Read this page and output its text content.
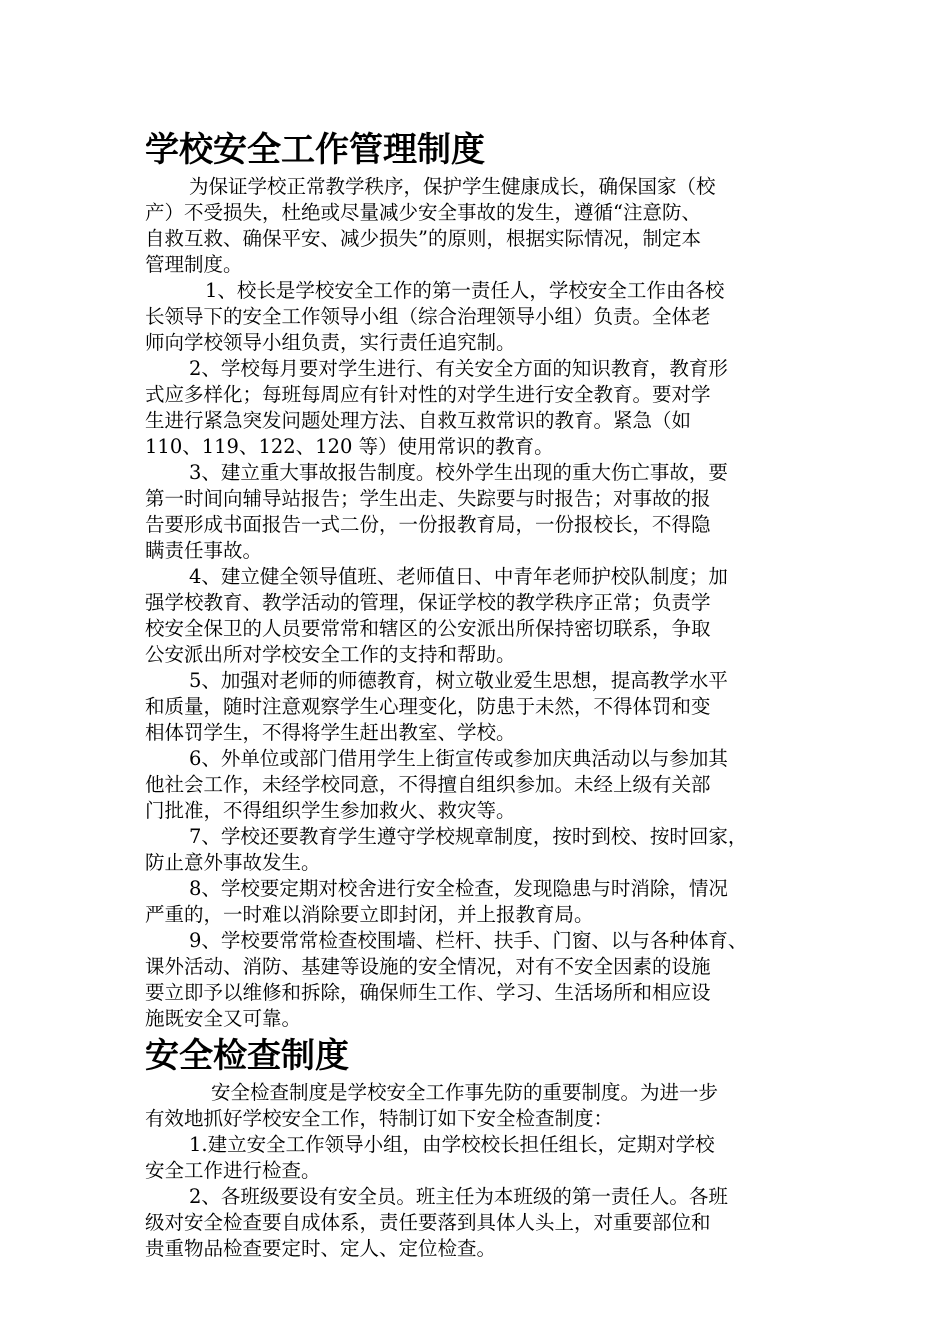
学校安全工作管理制度
为保证学校正常教学秩序，保护学生健康成长，确保国家（校
产）不受损失，杜绝或尽量减少安全事故的发生，遵循“注意防、
自救互救、确保平安、减少损失”的原则，根据实际情况，制定本
管理制度。
1、校长是学校安全工作的第一责任人，学校安全工作由各校
长领导下的安全工作领导小组（综合治理领导小组）负责。全体老
师向学校领导小组负责，实行责任追究制。
2、学校每月要对学生进行、有关安全方面的知识教育，教育形
式应多样化；每班每周应有针对性的对学生进行安全教育。要对学
生进行紧急突发问题处理方法、自救互救常识的教育。紧急（如
110、119、122、120 等）使用常识的教育。
3、建立重大事故报告制度。校外学生出现的重大伤亡事故，要
第一时间向辅导站报告；学生出走、失踪要与时报告；对事故的报
告要形成书面报告一式二份，一份报教育局，一份报校长，不得隐
瞒责任事故。
4、建立健全领导值班、老师值日、中青年老师护校队制度；加
强学校教育、教学活动的管理，保证学校的教学秩序正常；负责学
校安全保卫的人员要常常和辖区的公安派出所保持密切联系，争取
公安派出所对学校安全工作的支持和帮助。
5、加强对老师的师德教育，树立敬业爱生思想，提高教学水平
和质量，随时注意观察学生心理变化，防患于未然，不得体罚和变
相体罚学生，不得将学生赶出教室、学校。
6、外单位或部门借用学生上街宣传或参加庆典活动以与参加其
他社会工作，未经学校同意，不得擅自组织参加。未经上级有关部
门批准，不得组织学生参加救火、救灾等。
7、学校还要教育学生遵守学校规章制度，按时到校、按时回家，
防止意外事故发生。
8、学校要定期对校舍进行安全检查，发现隐患与时消除，情况
严重的，一时难以消除要立即封闭，并上报教育局。
9、学校要常常检查校围墙、栏杆、扶手、门窗、以与各种体育、
课外活动、消防、基建等设施的安全情况，对有不安全因素的设施
要立即予以维修和拆除，确保师生工作、学习、生活场所和相应设
施既安全又可靠。
安全检查制度
安全检查制度是学校安全工作事先防的重要制度。为进一步
有效地抓好学校安全工作，特制订如下安全检查制度：
1.建立安全工作领导小组，由学校校长担任组长，定期对学校
安全工作进行检查。
2、各班级要设有安全员。班主任为本班级的第一责任人。各班
级对安全检查要自成体系，责任要落到具体人头上，对重要部位和
贵重物品检查要定时、定人、定位检查。
